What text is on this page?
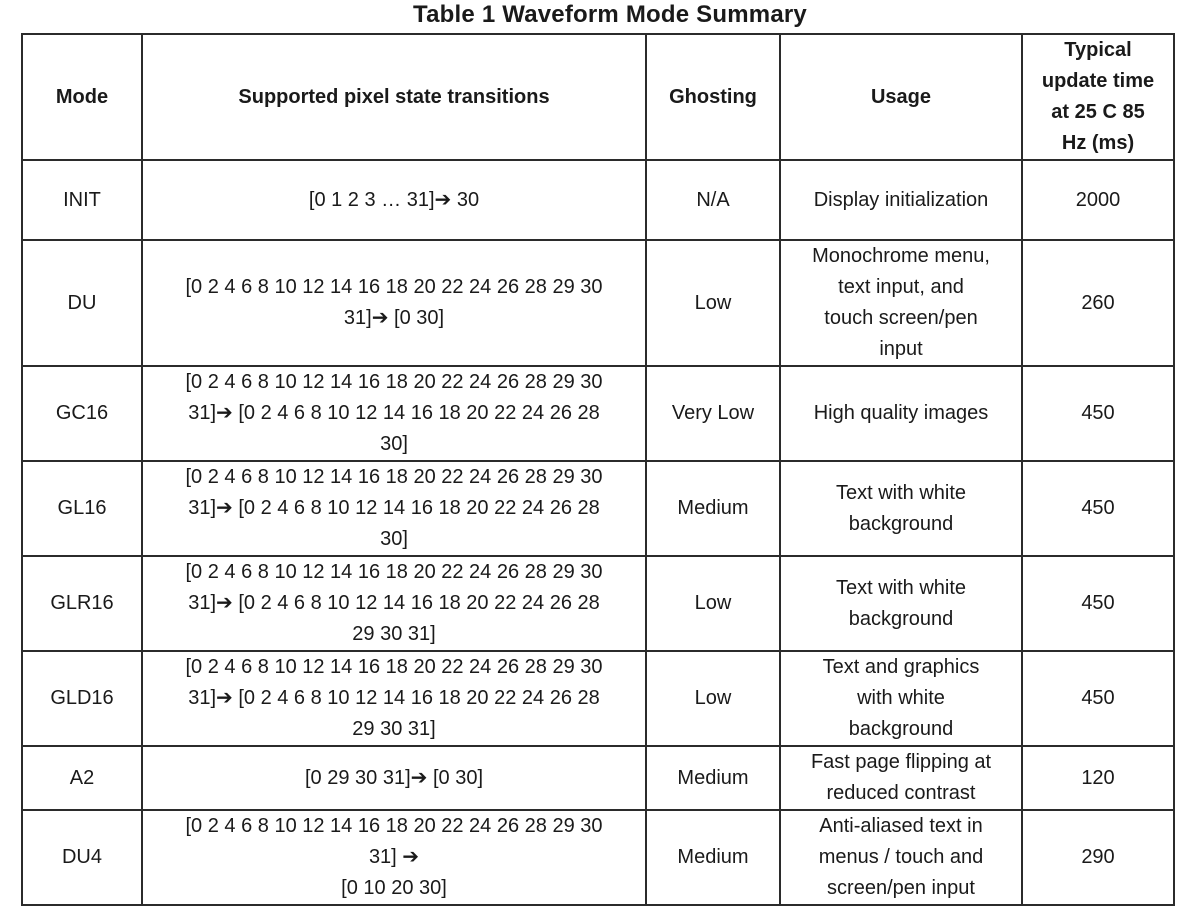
Table 1 Waveform Mode Summary
Mode	Supported pixel state transitions	Ghosting	Usage	Typical
update time
at 25 C 85
Hz (ms)
INIT	[0 1 2 3 … 31]➔ 30	N/A	Display initialization	2000
DU	[0 2 4 6 8 10 12 14 16 18 20 22 24 26 28 29 30
31]➔ [0 30]	Low	Monochrome menu,
text input, and
touch screen/pen
input	260
GC16	[0 2 4 6 8 10 12 14 16 18 20 22 24 26 28 29 30
31]➔ [0 2 4 6 8 10 12 14 16 18 20 22 24 26 28
30]	Very Low	High quality images	450
GL16	[0 2 4 6 8 10 12 14 16 18 20 22 24 26 28 29 30
31]➔ [0 2 4 6 8 10 12 14 16 18 20 22 24 26 28
30]	Medium	Text with white
background	450
GLR16	[0 2 4 6 8 10 12 14 16 18 20 22 24 26 28 29 30
31]➔ [0 2 4 6 8 10 12 14 16 18 20 22 24 26 28
29 30 31]	Low	Text with white
background	450
GLD16	[0 2 4 6 8 10 12 14 16 18 20 22 24 26 28 29 30
31]➔ [0 2 4 6 8 10 12 14 16 18 20 22 24 26 28
29 30 31]	Low	Text and graphics
with white
background	450
A2	[0 29 30 31]➔ [0 30]	Medium	Fast page flipping at
reduced contrast	120
DU4	[0 2 4 6 8 10 12 14 16 18 20 22 24 26 28 29 30
31] ➔
[0 10 20 30]	Medium	Anti-aliased text in
menus / touch and
screen/pen input	290
